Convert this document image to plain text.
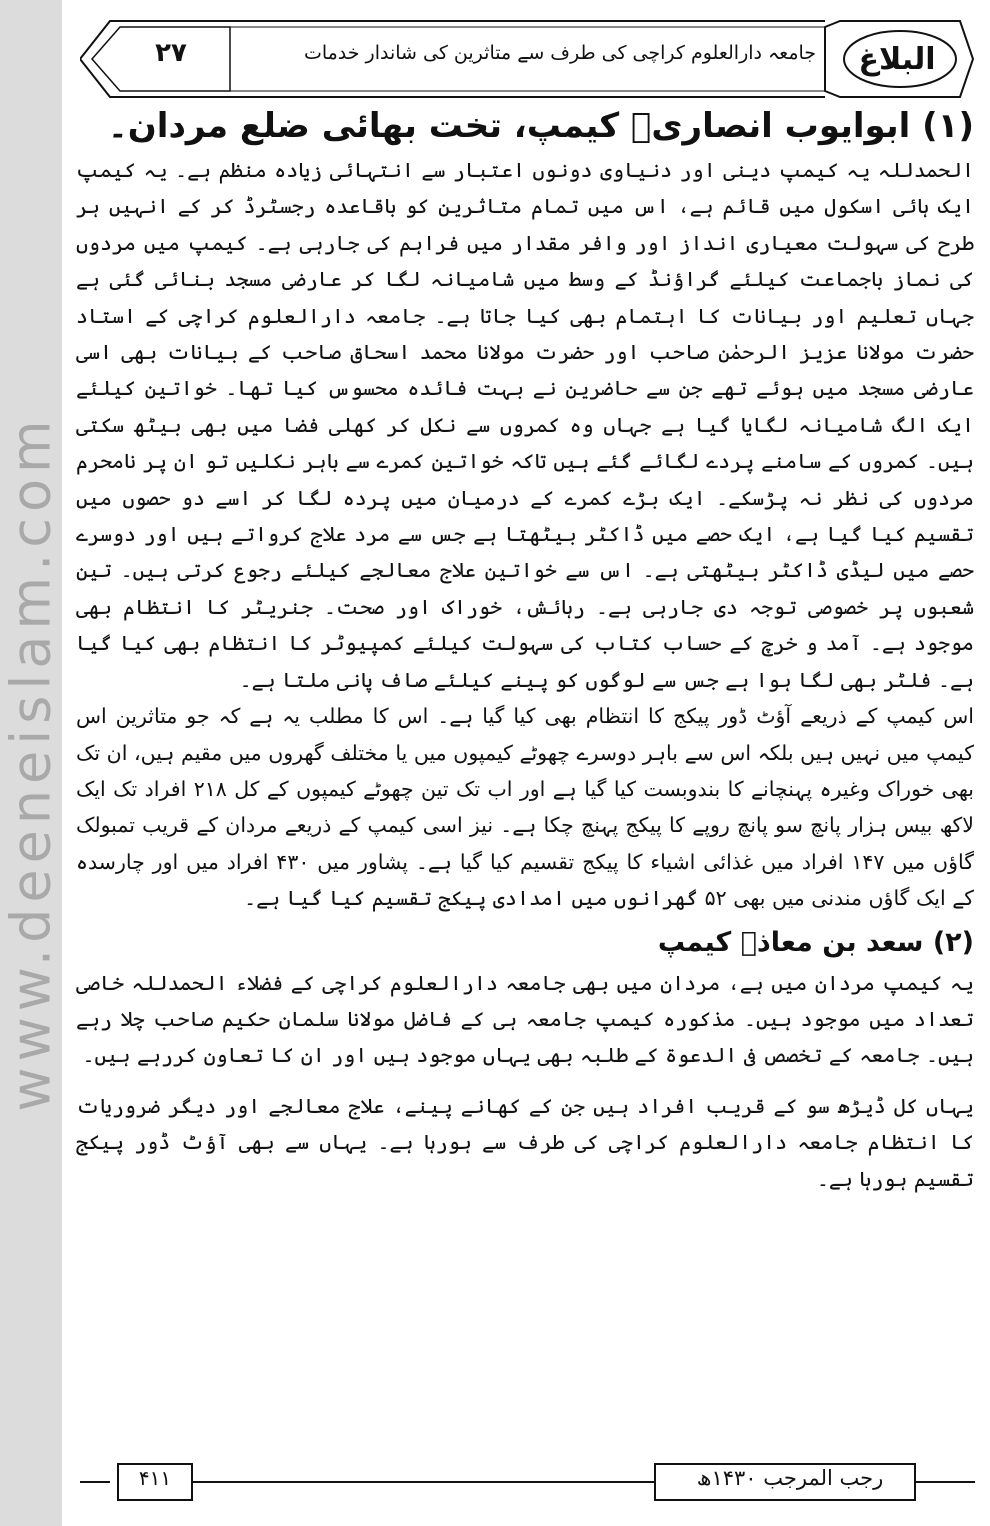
www.deeneislam.com
۲۷	جامعہ دارالعلوم کراچی کی طرف سے متاثرین کی شاندار خدمات	البلاغ
(۱) ابوایوب انصاریؓ کیمپ، تخت بھائی ضلع مردان۔

الحمدللہ یہ کیمپ دینی اور دنیاوی دونوں اعتبار سے انتہائی زیادہ منظم ہے۔ یہ کیمپ ایک ہائی اسکول میں قائم ہے، اس میں تمام متاثرین کو باقاعدہ رجسٹرڈ کر کے انہیں ہر طرح کی سہولت معیاری انداز اور وافر مقدار میں فراہم کی جارہی ہے۔ کیمپ میں مردوں کی نماز باجماعت کیلئے گراؤنڈ کے وسط میں شامیانہ لگا کر عارضی مسجد بنائی گئی ہے جہاں تعلیم اور بیانات کا اہتمام بھی کیا جاتا ہے۔ جامعہ دارالعلوم کراچی کے استاد حضرت مولانا عزیز الرحمٰن صاحب اور حضرت مولانا محمد اسحاق صاحب کے بیانات بھی اسی عارضی مسجد میں ہوئے تھے جن سے حاضرین نے بہت فائدہ محسوس کیا تھا۔ خواتین کیلئے ایک الگ شامیانہ لگایا گیا ہے جہاں وہ کمروں سے نکل کر کھلی فضا میں بھی بیٹھ سکتی ہیں۔ کمروں کے سامنے پردے لگائے گئے ہیں تاکہ خواتین کمرے سے باہر نکلیں تو ان پر نامحرم مردوں کی نظر نہ پڑسکے۔ ایک بڑے کمرے کے درمیان میں پردہ لگا کر اسے دو حصوں میں تقسیم کیا گیا ہے، ایک حصے میں ڈاکٹر بیٹھتا ہے جس سے مرد علاج کرواتے ہیں اور دوسرے حصے میں لیڈی ڈاکٹر بیٹھتی ہے۔ اس سے خواتین علاج معالجے کیلئے رجوع کرتی ہیں۔ تین شعبوں پر خصوصی توجہ دی جارہی ہے۔ رہائش، خوراک اور صحت۔ جنریٹر کا انتظام بھی موجود ہے۔ آمد و خرچ کے حساب کتاب کی سہولت کیلئے کمپیوٹر کا انتظام بھی کیا گیا ہے۔ فلٹر بھی لگا ہوا ہے جس سے لوگوں کو پینے کیلئے صاف پانی ملتا ہے۔

اس کیمپ کے ذریعے آؤٹ ڈور پیکج کا انتظام بھی کیا گیا ہے۔ اس کا مطلب یہ ہے کہ جو متاثرین اس کیمپ میں نہیں ہیں بلکہ اس سے باہر دوسرے چھوٹے کیمپوں میں یا مختلف گھروں میں مقیم ہیں، ان تک بھی خوراک وغیرہ پہنچانے کا بندوبست کیا گیا ہے اور اب تک تین چھوٹے کیمپوں کے کل ۲۱۸ افراد تک ایک لاکھ بیس ہزار پانچ سو پانچ روپے کا پیکج پہنچ چکا ہے۔ نیز اسی کیمپ کے ذریعے مردان کے قریب تمبولک گاؤں میں ۱۴۷ افراد میں غذائی اشیاء کا پیکج تقسیم کیا گیا ہے۔ پشاور میں ۴۳۰ افراد میں اور چارسدہ کے ایک گاؤں مندنی میں بھی ۵۲ گھرانوں میں امدادی پیکج تقسیم کیا گیا ہے۔

(۲) سعد بن معاذؓ کیمپ

یہ کیمپ مردان میں ہے، مردان میں بھی جامعہ دارالعلوم کراچی کے فضلاء الحمدللہ خاصی تعداد میں موجود ہیں۔ مذکورہ کیمپ جامعہ ہی کے فاضل مولانا سلمان حکیم صاحب چلا رہے ہیں۔ جامعہ کے تخصص فی الدعوۃ کے طلبہ بھی یہاں موجود ہیں اور ان کا تعاون کررہے ہیں۔

یہاں کل ڈیڑھ سو کے قریب افراد ہیں جن کے کھانے پینے، علاج معالجے اور دیگر ضروریات کا انتظام جامعہ دارالعلوم کراچی کی طرف سے ہورہا ہے۔ یہاں سے بھی آؤٹ ڈور پیکج تقسیم ہورہا ہے۔

۴۱۱	رجب المرجب ۱۴۳۰ھ
